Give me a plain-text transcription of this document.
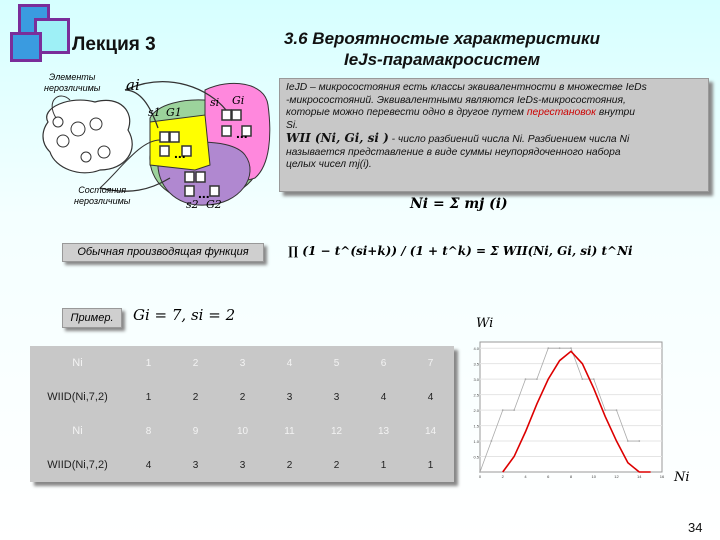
Лекция 3	3.6 Вероятностые характеристики
IeJs-парамакросистем
...
...
...
Элементы
нерозличимы
Состояния
нерозличимы
ai
s1 G1
si Gi
s2 G2
IeJD – микросостояния есть классы эквивалентности в множестве IeDs
-микросостояний. Эквивалентными являются IeDs-микросостояния,
которые можно перевести одно в другое путем перестановок внутри
Si.
WII (Ni, Gi, si ) - число разбиений числа Ni. Разбиением числа Ni
называется представление в виде суммы неупорядоченного набора
целых чисел mj(i).
Ni = Σ mj (i)
∏ (1 − t^(si+k)) / (1 + t^k) = Σ WII(Ni, Gi, si) t^Ni
Обычная производящая функция
Пример.	Gi = 7, si = 2
Ni	1	2	3	4	5	6	7
WIID(Ni,7,2)	1	2	2	3	3	4	4
Ni	8	9	10	11	12	13	14
WIID(Ni,7,2)	4	3	3	2	2	1	1
0.5
1.0
1.5
2.0
2.5
3.0
3.5
4.0
0	2	4	6	8	10	12	14	16
Wi
Ni
34
